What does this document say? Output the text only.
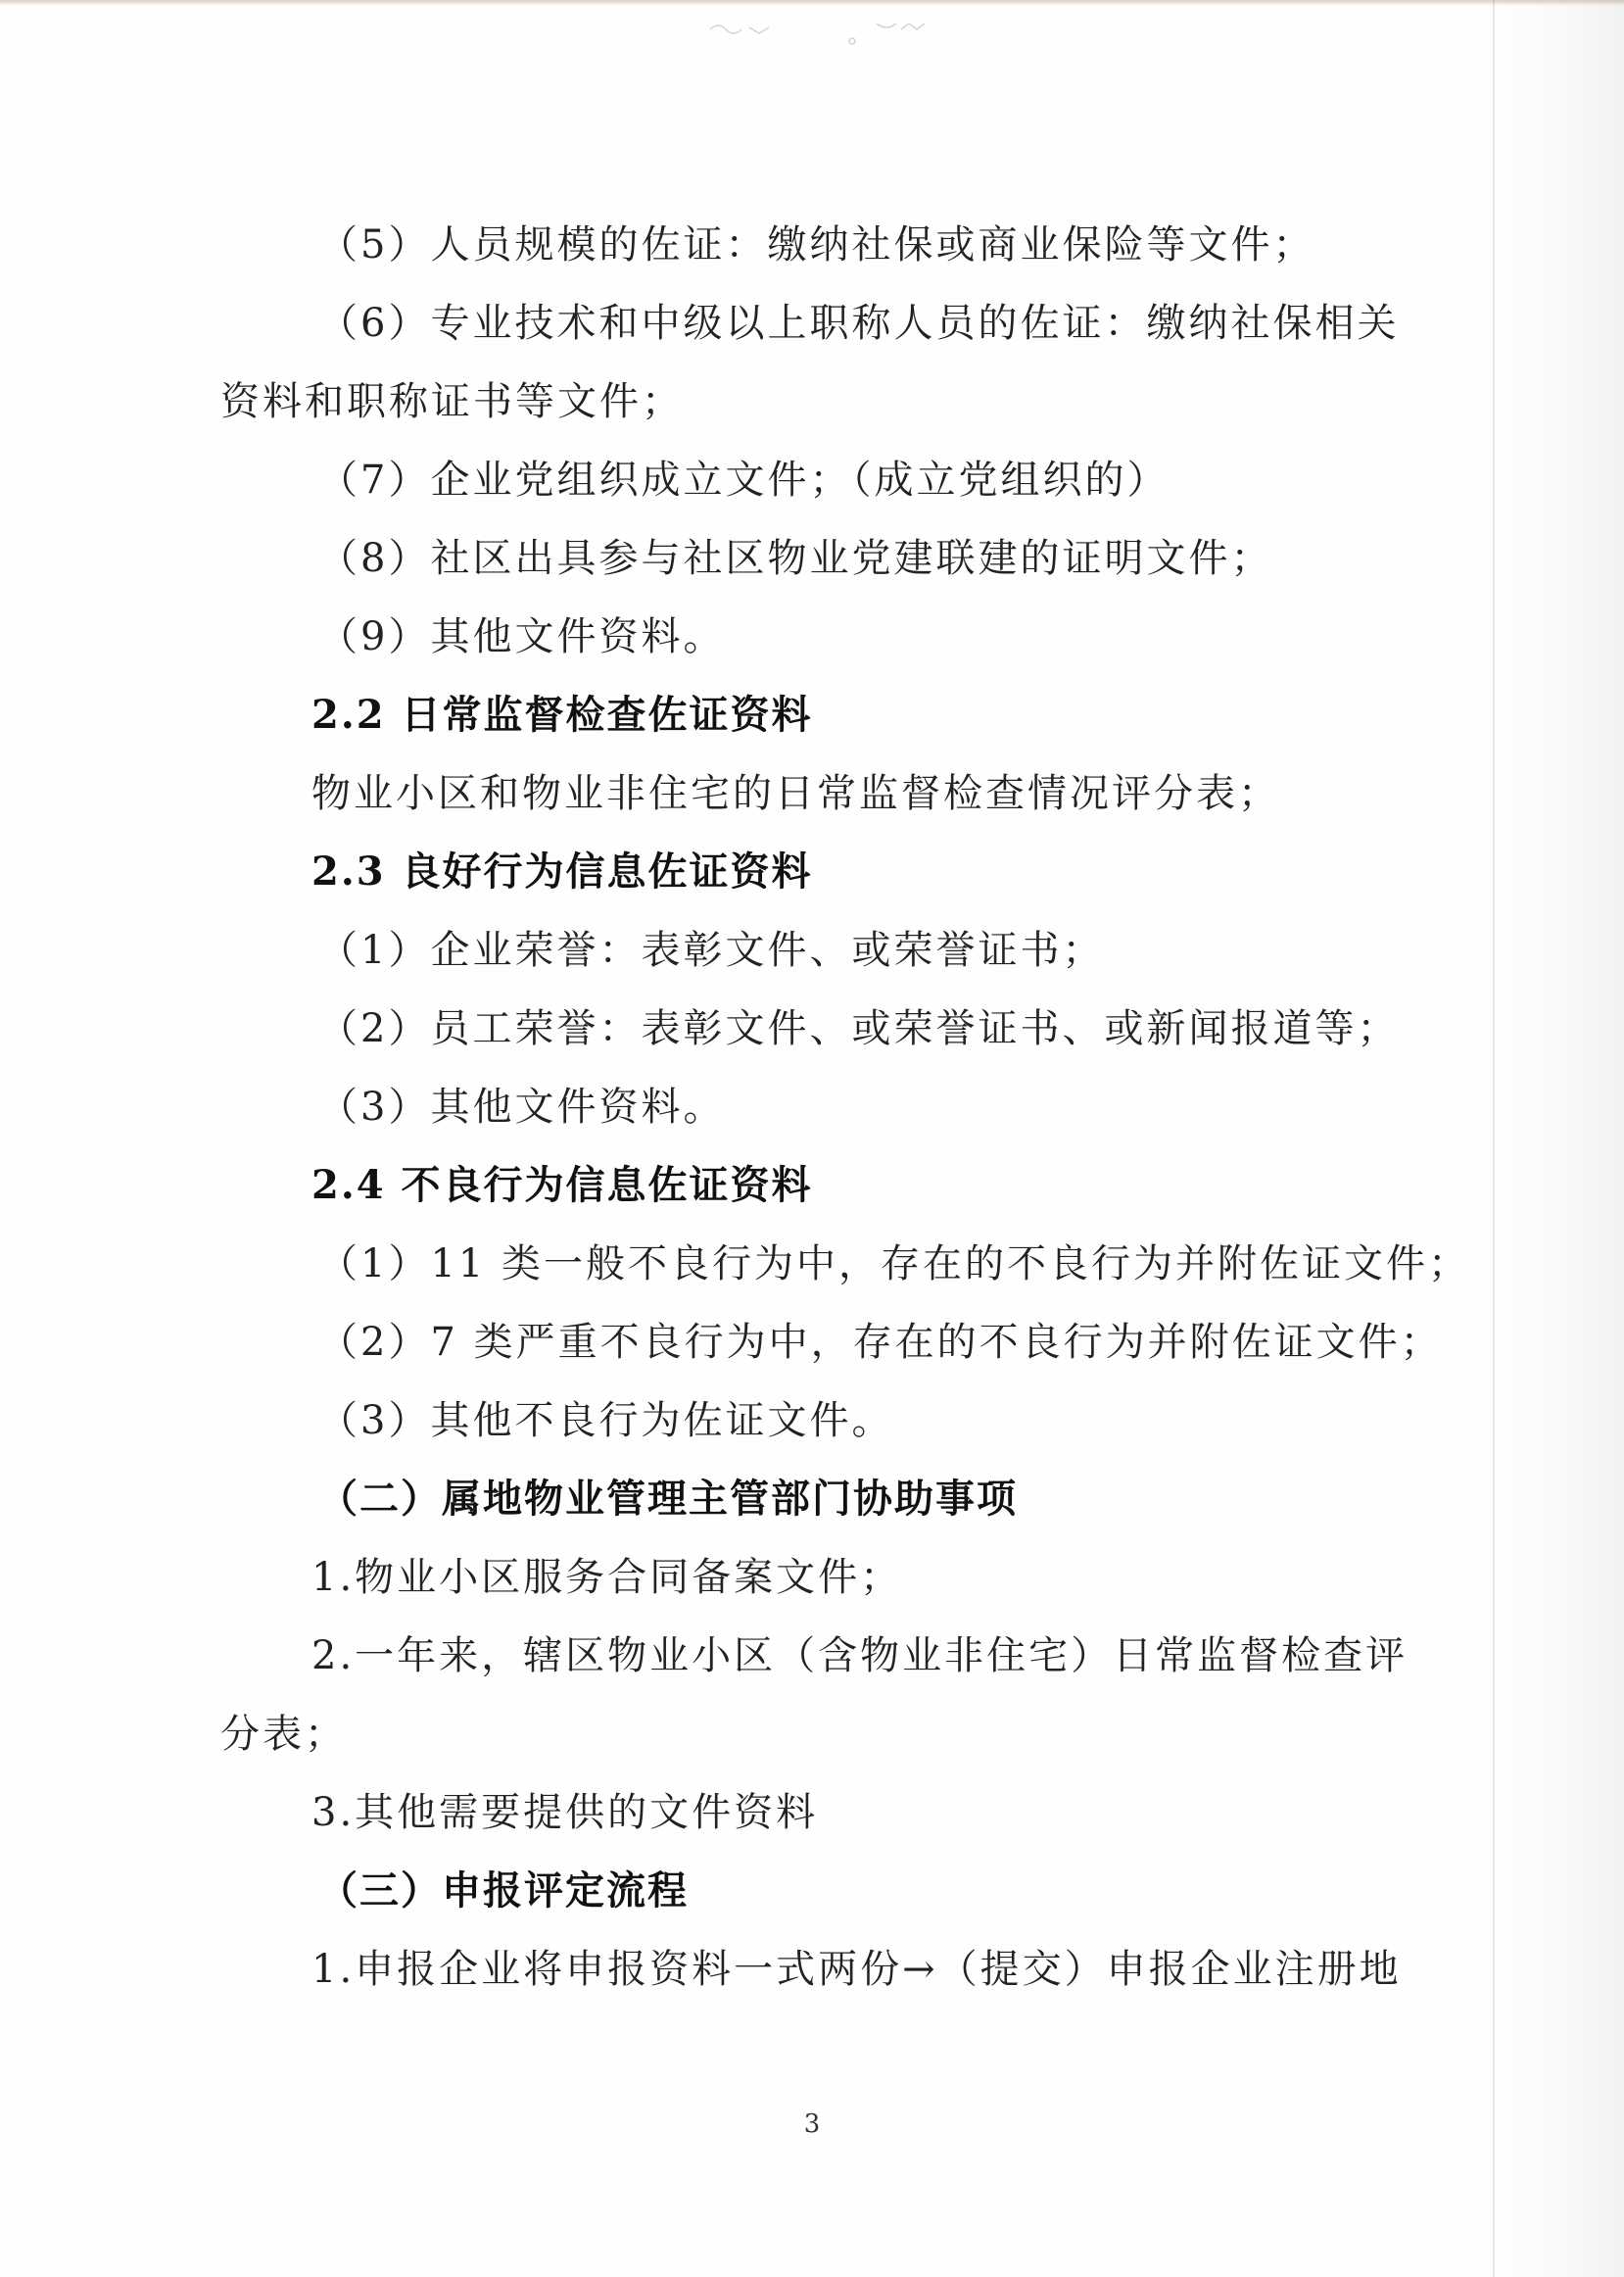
（5）人员规模的佐证：缴纳社保或商业保险等文件；
（6）专业技术和中级以上职称人员的佐证：缴纳社保相关
资料和职称证书等文件；
（7）企业党组织成立文件；（成立党组织的）
（8）社区出具参与社区物业党建联建的证明文件；
（9）其他文件资料。
2.2 日常监督检查佐证资料
物业小区和物业非住宅的日常监督检查情况评分表；
2.3 良好行为信息佐证资料
（1）企业荣誉：表彰文件、或荣誉证书；
（2）员工荣誉：表彰文件、或荣誉证书、或新闻报道等；
（3）其他文件资料。
2.4 不良行为信息佐证资料
（1）11 类一般不良行为中，存在的不良行为并附佐证文件；
（2）7 类严重不良行为中，存在的不良行为并附佐证文件；
（3）其他不良行为佐证文件。
（二）属地物业管理主管部门协助事项
1.物业小区服务合同备案文件；
2.一年来，辖区物业小区（含物业非住宅）日常监督检查评
分表；
3.其他需要提供的文件资料
（三）申报评定流程
1.申报企业将申报资料一式两份→（提交）申报企业注册地
3
